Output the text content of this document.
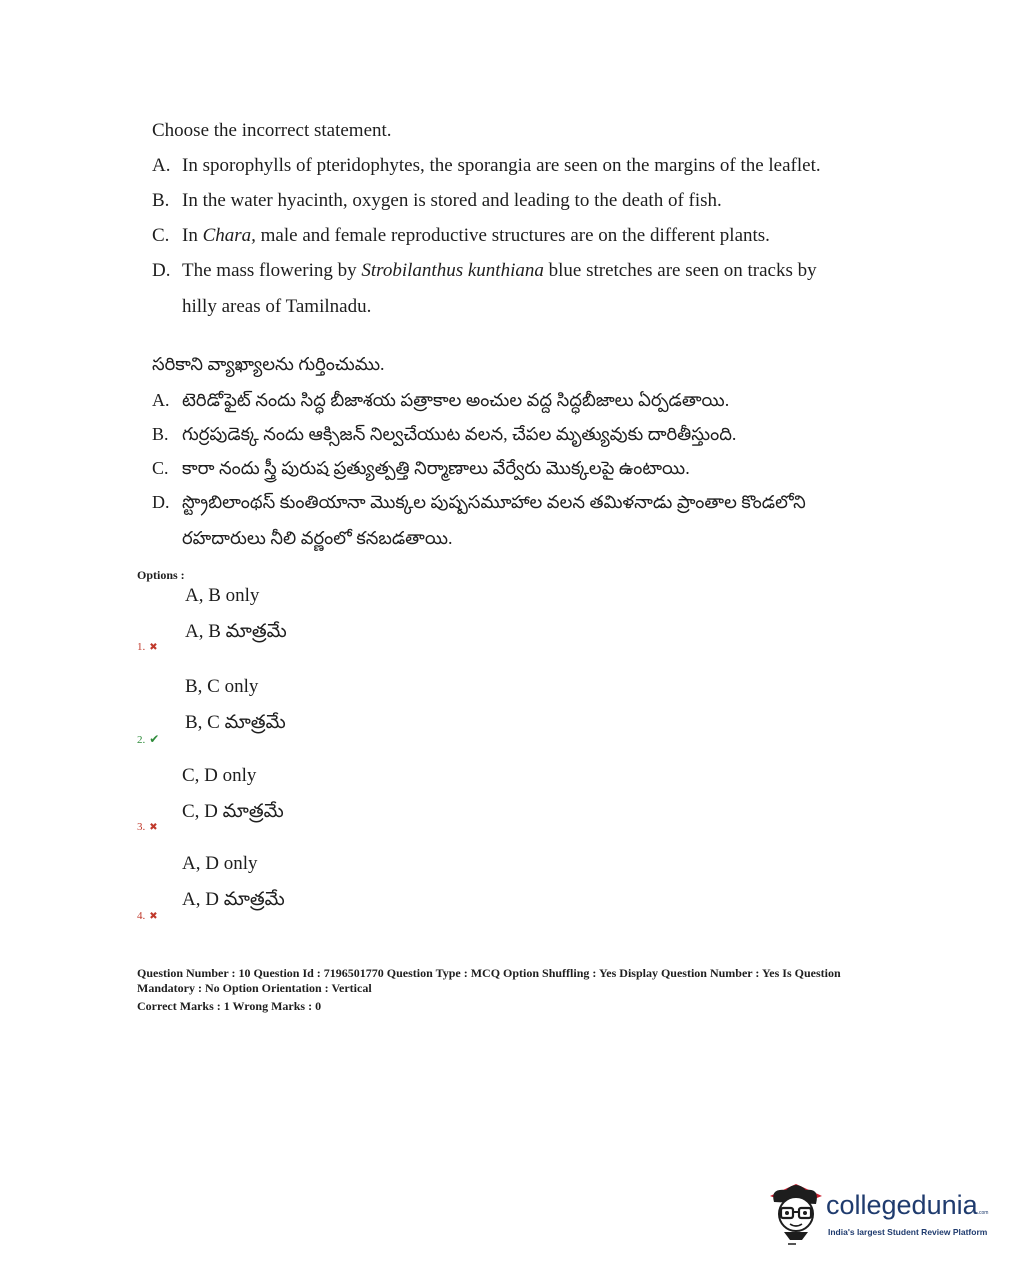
Choose the incorrect statement.
A. In sporophylls of pteridophytes, the sporangia are seen on the margins of the leaflet.
B. In the water hyacinth, oxygen is stored and leading to the death of fish.
C. In Chara, male and female reproductive structures are on the different plants.
D. The mass flowering by Strobilanthus kunthiana blue stretches are seen on tracks by
hilly areas of Tamilnadu.
సరికాని వ్యాఖ్యాలను గుర్తించుము.
A. టెరిడోఫైట్ నందు సిద్ధ బీజాశయ పత్రాకాల అంచుల వద్ద సిద్ధబీజాలు ఏర్పడతాయి.
B. గుర్రపుడెక్క నందు ఆక్సిజన్ నిల్వచేయుట వలన, చేపల మృత్యువుకు దారితీస్తుంది.
C. కారా నందు స్త్రీ పురుష ప్రత్యుత్పత్తి నిర్మాణాలు వేర్వేరు మొక్కలపై ఉంటాయి.
D. స్ట్రొబిలాంథస్ కుంతియానా మొక్కల పుష్పసమూహాల వలన తమిళనాడు ప్రాంతాల కొండలోని
రహదారులు నీలి వర్ణంలో కనబడతాయి.
Options :
A, B only
A, B మాత్రమే
1. ✖
B, C only
B, C మాత్రమే
2. ✔
C, D only
C, D మాత్రమే
3. ✖
A, D only
A, D మాత్రమే
4. ✖
Question Number : 10 Question Id : 7196501770 Question Type : MCQ Option Shuffling : Yes Display Question Number : Yes Is Question
Mandatory : No Option Orientation : Vertical
Correct Marks : 1 Wrong Marks : 0
collegedunia.com
India's largest Student Review Platform
